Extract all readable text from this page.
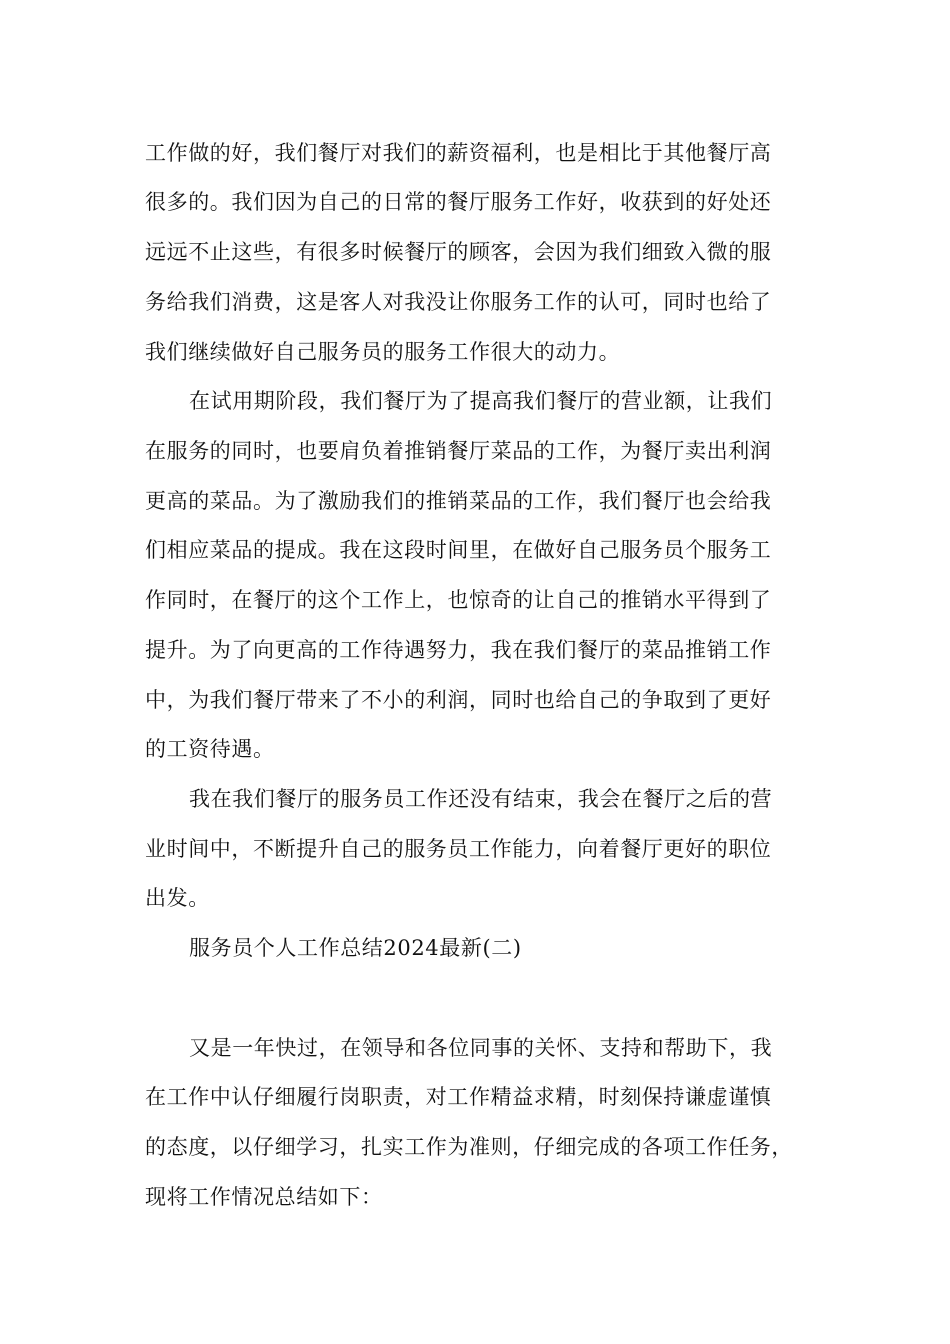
工作做的好，我们餐厅对我们的薪资福利，也是相比于其他餐厅高

很多的。我们因为自己的日常的餐厅服务工作好，收获到的好处还

远远不止这些，有很多时候餐厅的顾客，会因为我们细致入微的服

务给我们消费，这是客人对我没让你服务工作的认可，同时也给了

我们继续做好自己服务员的服务工作很大的动力。

在试用期阶段，我们餐厅为了提高我们餐厅的营业额，让我们

在服务的同时，也要肩负着推销餐厅菜品的工作，为餐厅卖出利润

更高的菜品。为了激励我们的推销菜品的工作，我们餐厅也会给我

们相应菜品的提成。我在这段时间里，在做好自己服务员个服务工

作同时，在餐厅的这个工作上，也惊奇的让自己的推销水平得到了

提升。为了向更高的工作待遇努力，我在我们餐厅的菜品推销工作

中，为我们餐厅带来了不小的利润，同时也给自己的争取到了更好

的工资待遇。

我在我们餐厅的服务员工作还没有结束，我会在餐厅之后的营

业时间中，不断提升自己的服务员工作能力，向着餐厅更好的职位

出发。

服务员个人工作总结2024最新(二)

又是一年快过，在领导和各位同事的关怀、支持和帮助下，我

在工作中认仔细履行岗职责，对工作精益求精，时刻保持谦虚谨慎

的态度，以仔细学习，扎实工作为准则，仔细完成的各项工作任务，

现将工作情况总结如下：
